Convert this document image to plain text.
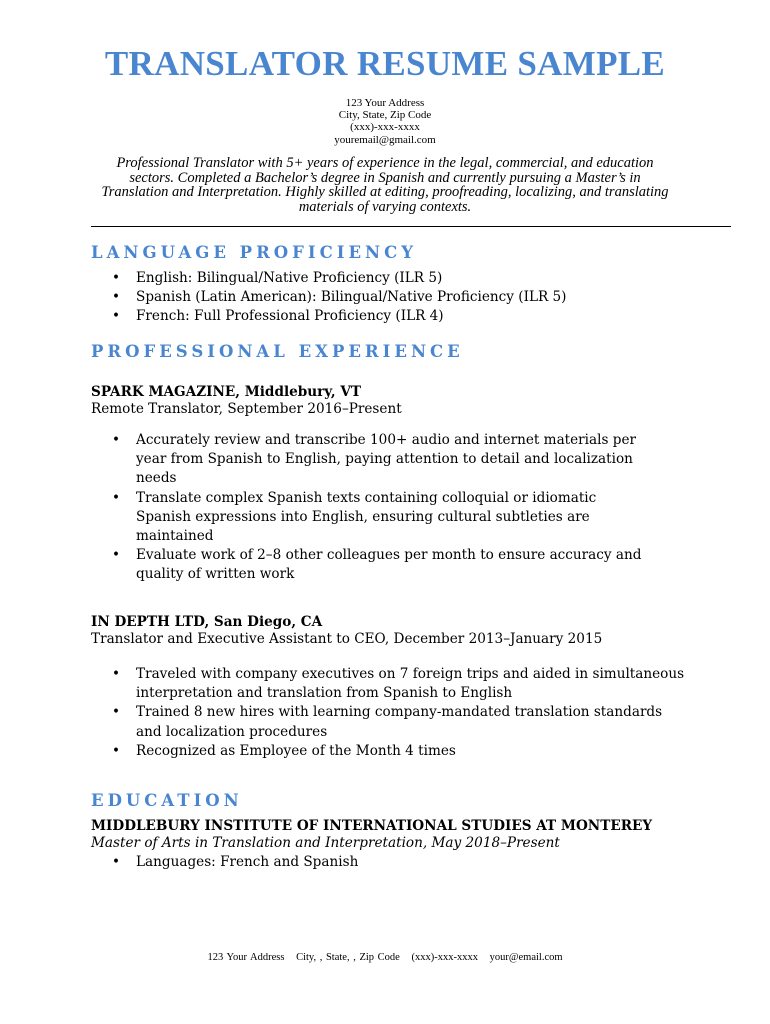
TRANSLATOR RESUME SAMPLE
123 Your Address
City, State, Zip Code
(xxx)-xxx-xxxx
youremail@gmail.com
Professional Translator with 5+ years of experience in the legal, commercial, and education sectors. Completed a Bachelor’s degree in Spanish and currently pursuing a Master’s in Translation and Interpretation. Highly skilled at editing, proofreading, localizing, and translating materials of varying contexts.
LANGUAGE PROFICIENCY
• English: Bilingual/Native Proficiency (ILR 5)
• Spanish (Latin American): Bilingual/Native Proficiency (ILR 5)
• French: Full Professional Proficiency (ILR 4)
PROFESSIONAL EXPERIENCE
SPARK MAGAZINE, Middlebury, VT
Remote Translator, September 2016–Present
• Accurately review and transcribe 100+ audio and internet materials per year from Spanish to English, paying attention to detail and localization needs
• Translate complex Spanish texts containing colloquial or idiomatic Spanish expressions into English, ensuring cultural subtleties are maintained
• Evaluate work of 2–8 other colleagues per month to ensure accuracy and quality of written work
IN DEPTH LTD, San Diego, CA
Translator and Executive Assistant to CEO, December 2013–January 2015
• Traveled with company executives on 7 foreign trips and aided in simultaneous interpretation and translation from Spanish to English
• Trained 8 new hires with learning company-mandated translation standards and localization procedures
• Recognized as Employee of the Month 4 times
EDUCATION
MIDDLEBURY INSTITUTE OF INTERNATIONAL STUDIES AT MONTEREY
Master of Arts in Translation and Interpretation, May 2018–Present
• Languages: French and Spanish
123 Your Address City, , State, , Zip Code (xxx)-xxx-xxxx your@email.com
